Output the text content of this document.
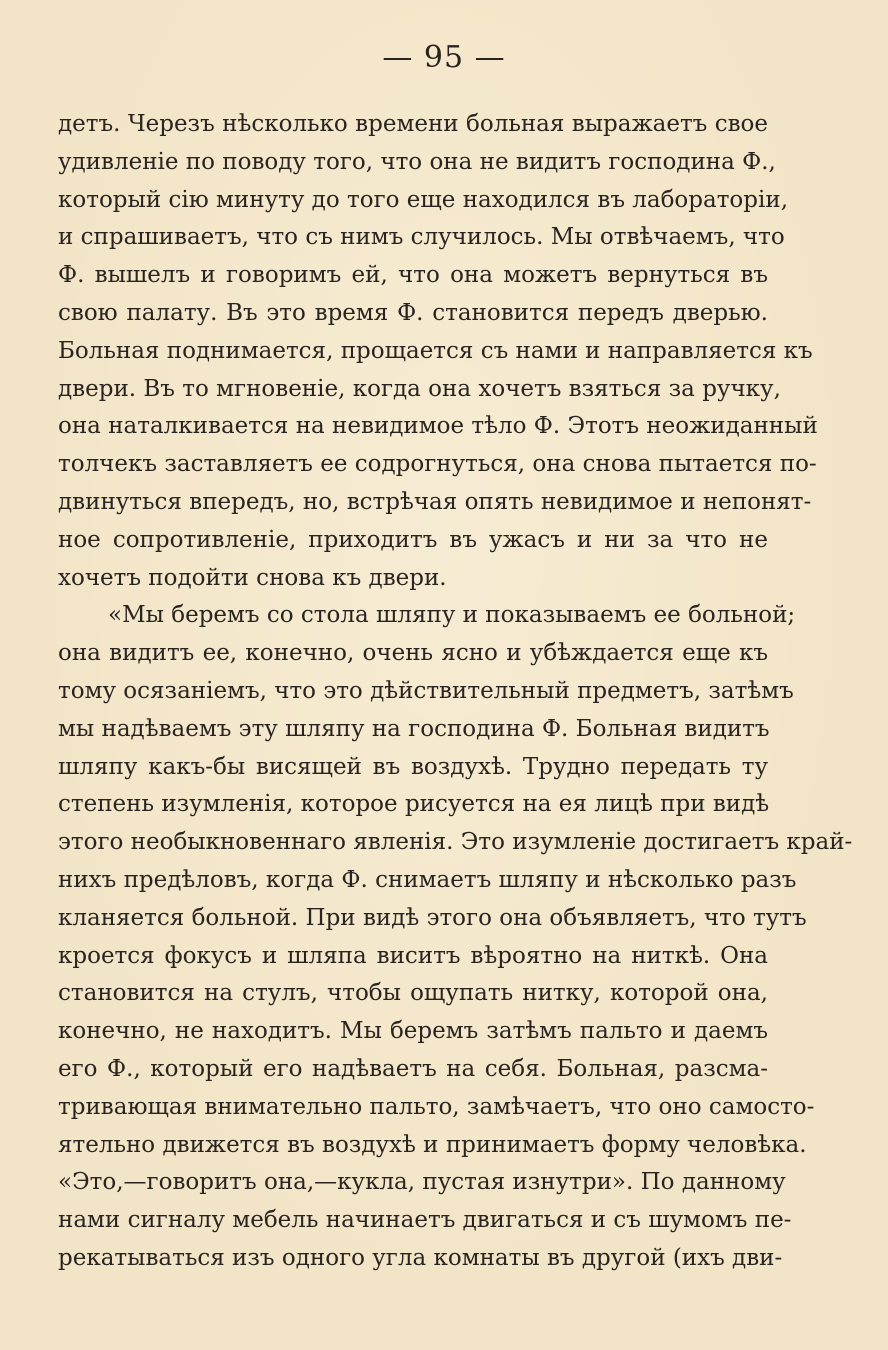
— 95 —
детъ. Черезъ нѣсколько времени больная выражаетъ свое
удивленіе по поводу того, что она не видитъ господина Ф.,
который сію минуту до того еще находился въ лабораторіи,
и спрашиваетъ, что съ нимъ случилось. Мы отвѣчаемъ, что
Ф. вышелъ и говоримъ ей, что она можетъ вернуться въ
свою палату. Въ это время Ф. становится передъ дверью.
Больная поднимается, прощается съ нами и направляется къ
двери. Въ то мгновеніе, когда она хочетъ взяться за ручку,
она наталкивается на невидимое тѣло Ф. Этотъ неожиданный
толчекъ заставляетъ ее содрогнуться, она снова пытается по-
двинуться впередъ, но, встрѣчая опять невидимое и непонят-
ное сопротивленіе, приходитъ въ ужасъ и ни за что не
хочетъ подойти снова къ двери.
«Мы беремъ со стола шляпу и показываемъ ее больной;
она видитъ ее, конечно, очень ясно и убѣждается еще къ
тому осязаніемъ, что это дѣйствительный предметъ, затѣмъ
мы надѣваемъ эту шляпу на господина Ф. Больная видитъ
шляпу какъ-бы висящей въ воздухѣ. Трудно передать ту
степень изумленія, которое рисуется на ея лицѣ при видѣ
этого необыкновеннаго явленія. Это изумленіе достигаетъ край-
нихъ предѣловъ, когда Ф. снимаетъ шляпу и нѣсколько разъ
кланяется больной. При видѣ этого она объявляетъ, что тутъ
кроется фокусъ и шляпа виситъ вѣроятно на ниткѣ. Она
становится на стулъ, чтобы ощупать нитку, которой она,
конечно, не находитъ. Мы беремъ затѣмъ пальто и даемъ
его Ф., который его надѣваетъ на себя. Больная, разсма-
тривающая внимательно пальто, замѣчаетъ, что оно самосто-
ятельно движется въ воздухѣ и принимаетъ форму человѣка.
«Это,—говоритъ она,—кукла, пустая изнутри». По данному
нами сигналу мебель начинаетъ двигаться и съ шумомъ пе-
рекатываться изъ одного угла комнаты въ другой (ихъ дви-
